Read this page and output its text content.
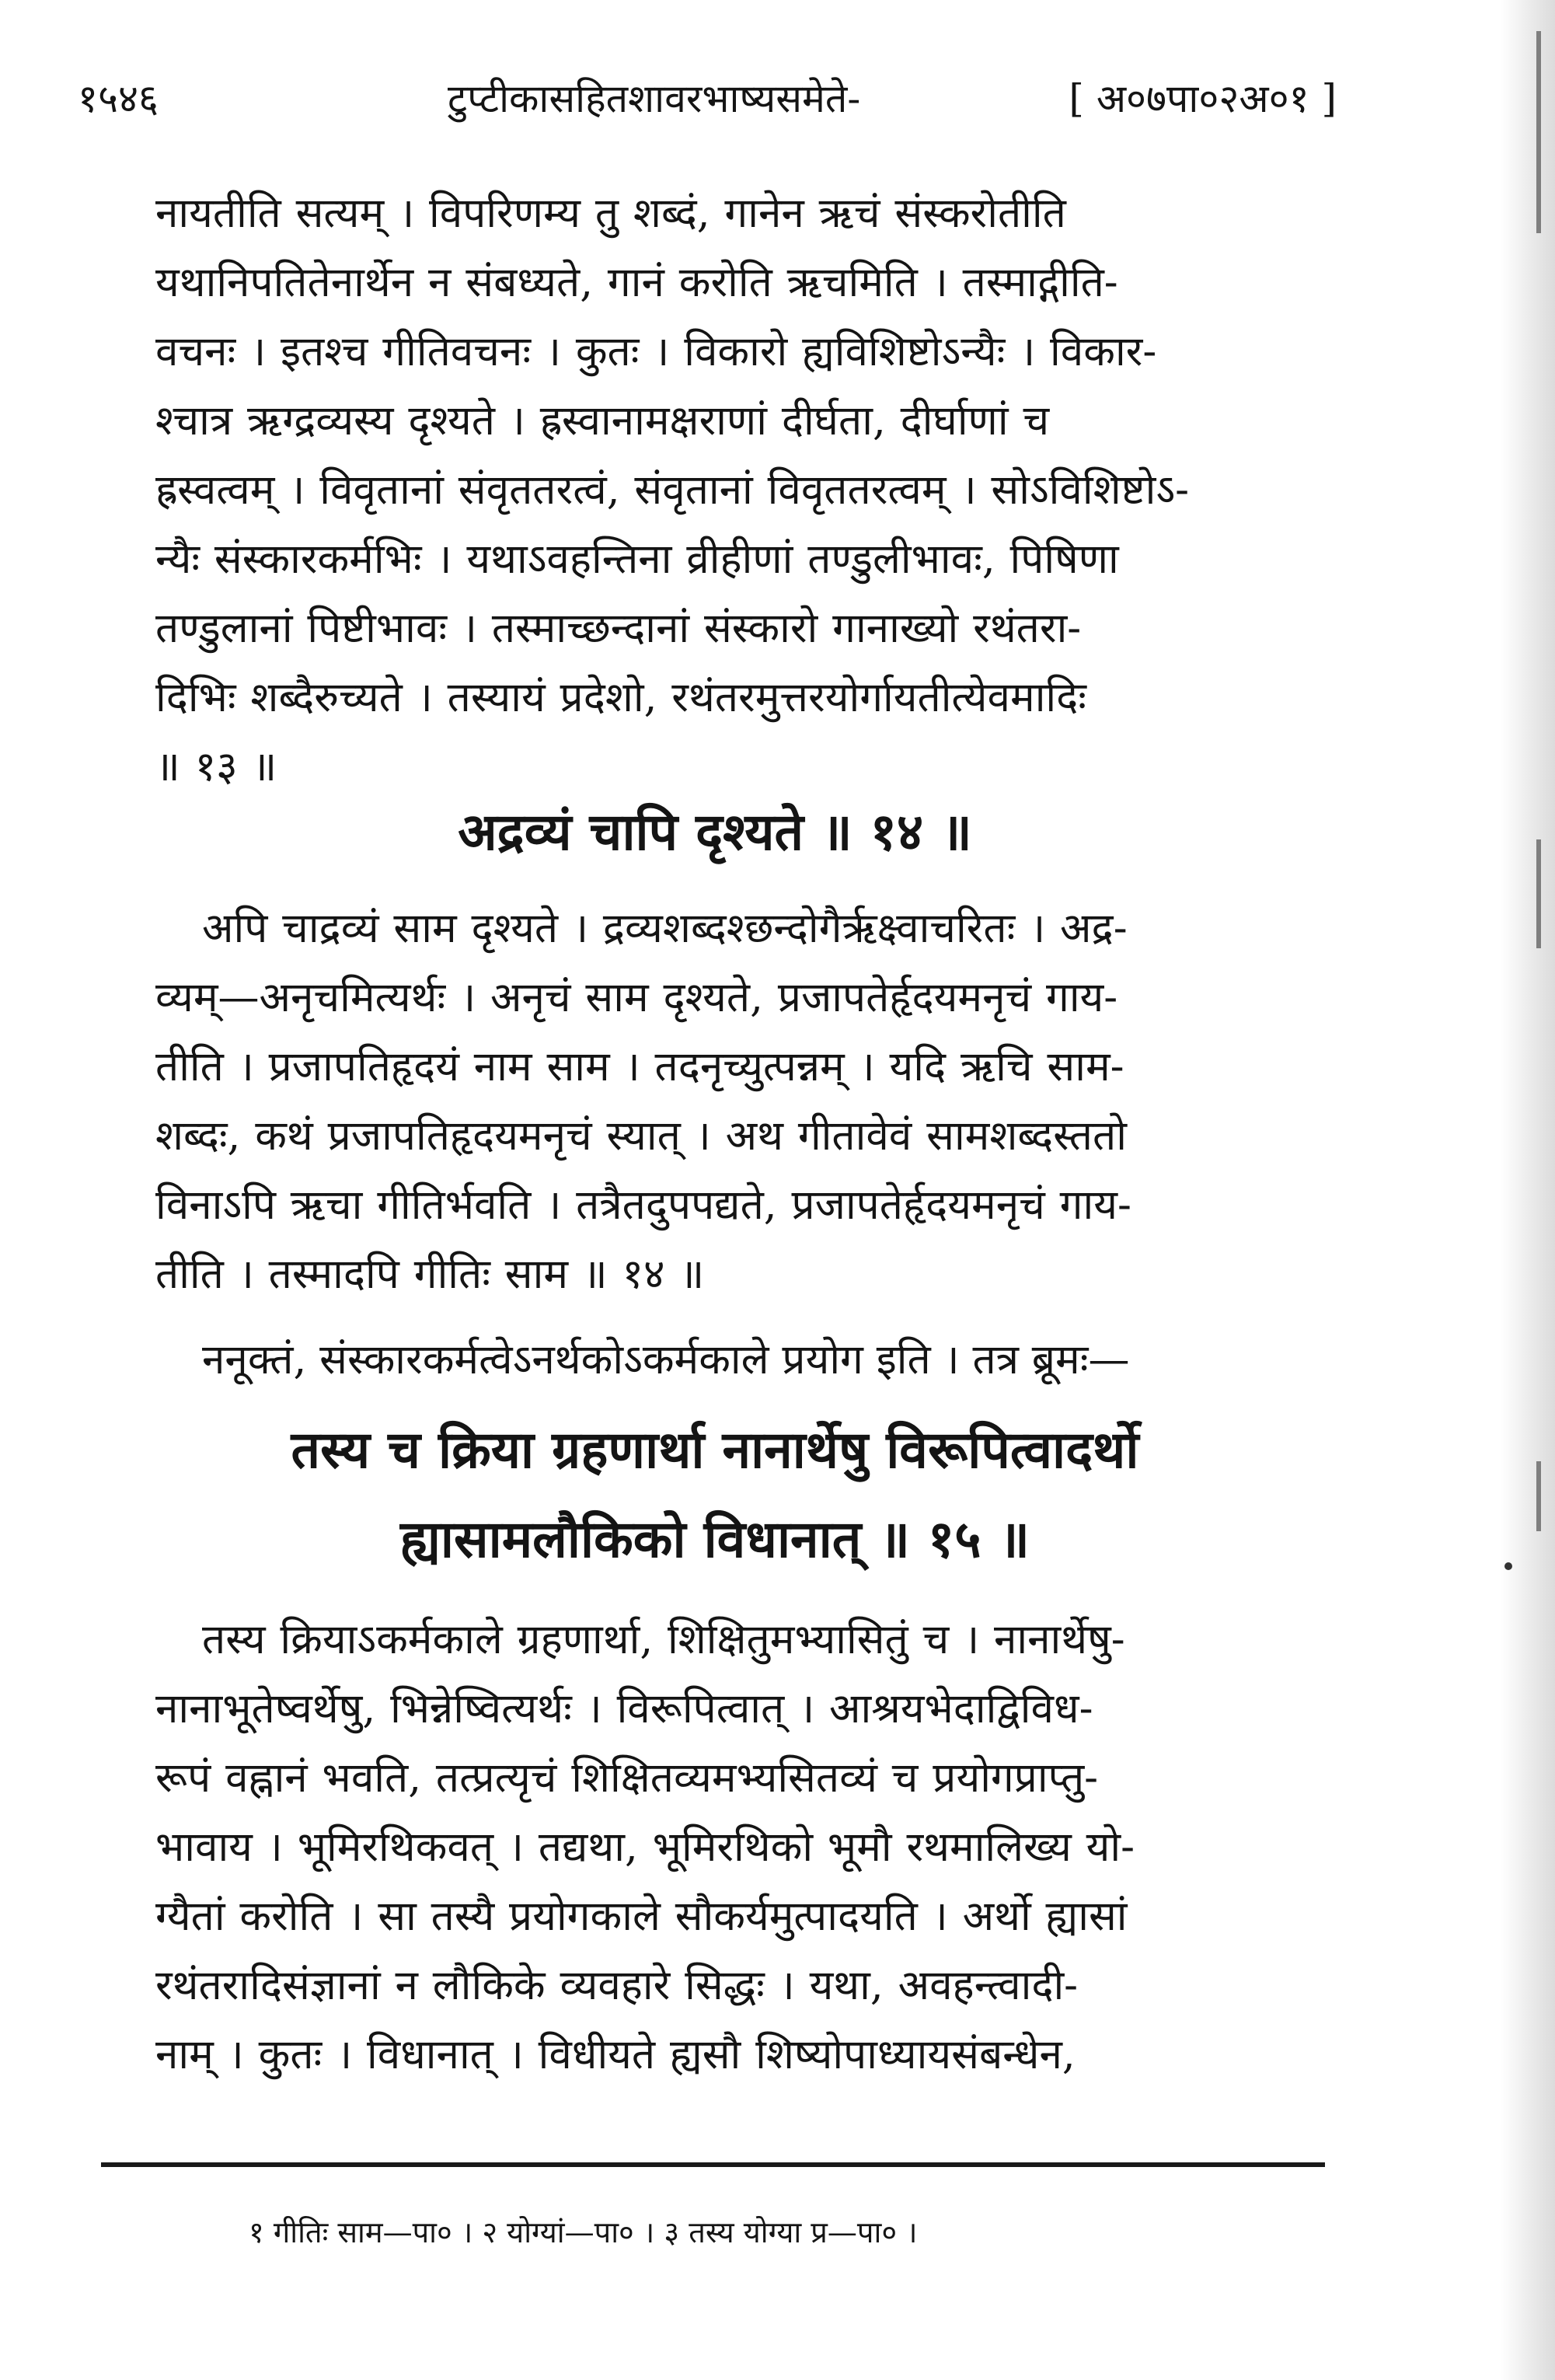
१५४६	टुप्टीकासहितशावरभाष्यसमेते-	[ अ०७पा०२अ०१ ]
नायतीति सत्यम् । विपरिणम्य तु शब्दं, गानेन ऋचं संस्करोतीति
यथानिपतितेनार्थेन न संबध्यते, गानं करोति ऋचमिति । तस्माद्गीति-
वचनः । इतश्च गीतिवचनः । कुतः । विकारो ह्यविशिष्टोऽन्यैः । विकार-
श्चात्र ऋग्द्रव्यस्य दृश्यते । ह्रस्वानामक्षराणां दीर्घता, दीर्घाणां च
ह्रस्वत्वम् । विवृतानां संवृततरत्वं, संवृतानां विवृततरत्वम् । सोऽविशिष्टोऽ-
न्यैः संस्कारकर्मभिः । यथाऽवहन्तिना व्रीहीणां तण्डुलीभावः, पिषिणा
तण्डुलानां पिष्टीभावः । तस्माच्छन्दानां संस्कारो गानाख्यो रथंतरा-
दिभिः शब्दैरुच्यते । तस्यायं प्रदेशो, रथंतरमुत्तरयोर्गायतीत्येवमादिः
॥ १३ ॥
अद्रव्यं चापि दृश्यते ॥ १४ ॥
अपि चाद्रव्यं साम दृश्यते । द्रव्यशब्दश्छन्दोगैर्ऋक्ष्वाचरितः । अद्र-
व्यम्—अनृचमित्यर्थः । अनृचं साम दृश्यते, प्रजापतेर्हृदयमनृचं गाय-
तीति । प्रजापतिहृदयं नाम साम । तदनृच्युत्पन्नम् । यदि ऋचि साम-
शब्दः, कथं प्रजापतिहृदयमनृचं स्यात् । अथ गीतावेवं सामशब्दस्ततो
विनाऽपि ऋचा गीतिर्भवति । तत्रैतदुपपद्यते, प्रजापतेर्हृदयमनृचं गाय-
तीति । तस्मादपि गीतिः साम ॥ १४ ॥
ननूक्तं, संस्कारकर्मत्वेऽनर्थकोऽकर्मकाले प्रयोग इति । तत्र ब्रूमः—
तस्य च क्रिया ग्रहणार्था नानार्थेषु विरूपित्वादर्थो
ह्यासामलौकिको विधानात् ॥ १५ ॥
तस्य क्रियाऽकर्मकाले ग्रहणार्था, शिक्षितुमभ्यासितुं च । नानार्थेषु-
नानाभूतेष्वर्थेषु, भिन्नेष्वित्यर्थः । विरूपित्वात् । आश्रयभेदाद्विविध-
रूपं वह्नानं भवति, तत्प्रत्यृचं शिक्षितव्यमभ्यसितव्यं च प्रयोगप्राप्तु-
भावाय । भूमिरथिकवत् । तद्यथा, भूमिरथिको भूमौ रथमालिख्य यो-
ग्यैतां करोति । सा तस्यै प्रयोगकाले सौकर्यमुत्पादयति । अर्थो ह्यासां
रथंतरादिसंज्ञानां न लौकिके व्यवहारे सिद्धः । यथा, अवहन्त्वादी-
नाम् । कुतः । विधानात् । विधीयते ह्यसौ शिष्योपाध्यायसंबन्धेन,
१ गीतिः साम—पा० । २ योग्यां—पा० । ३ तस्य योग्या प्र—पा० ।
